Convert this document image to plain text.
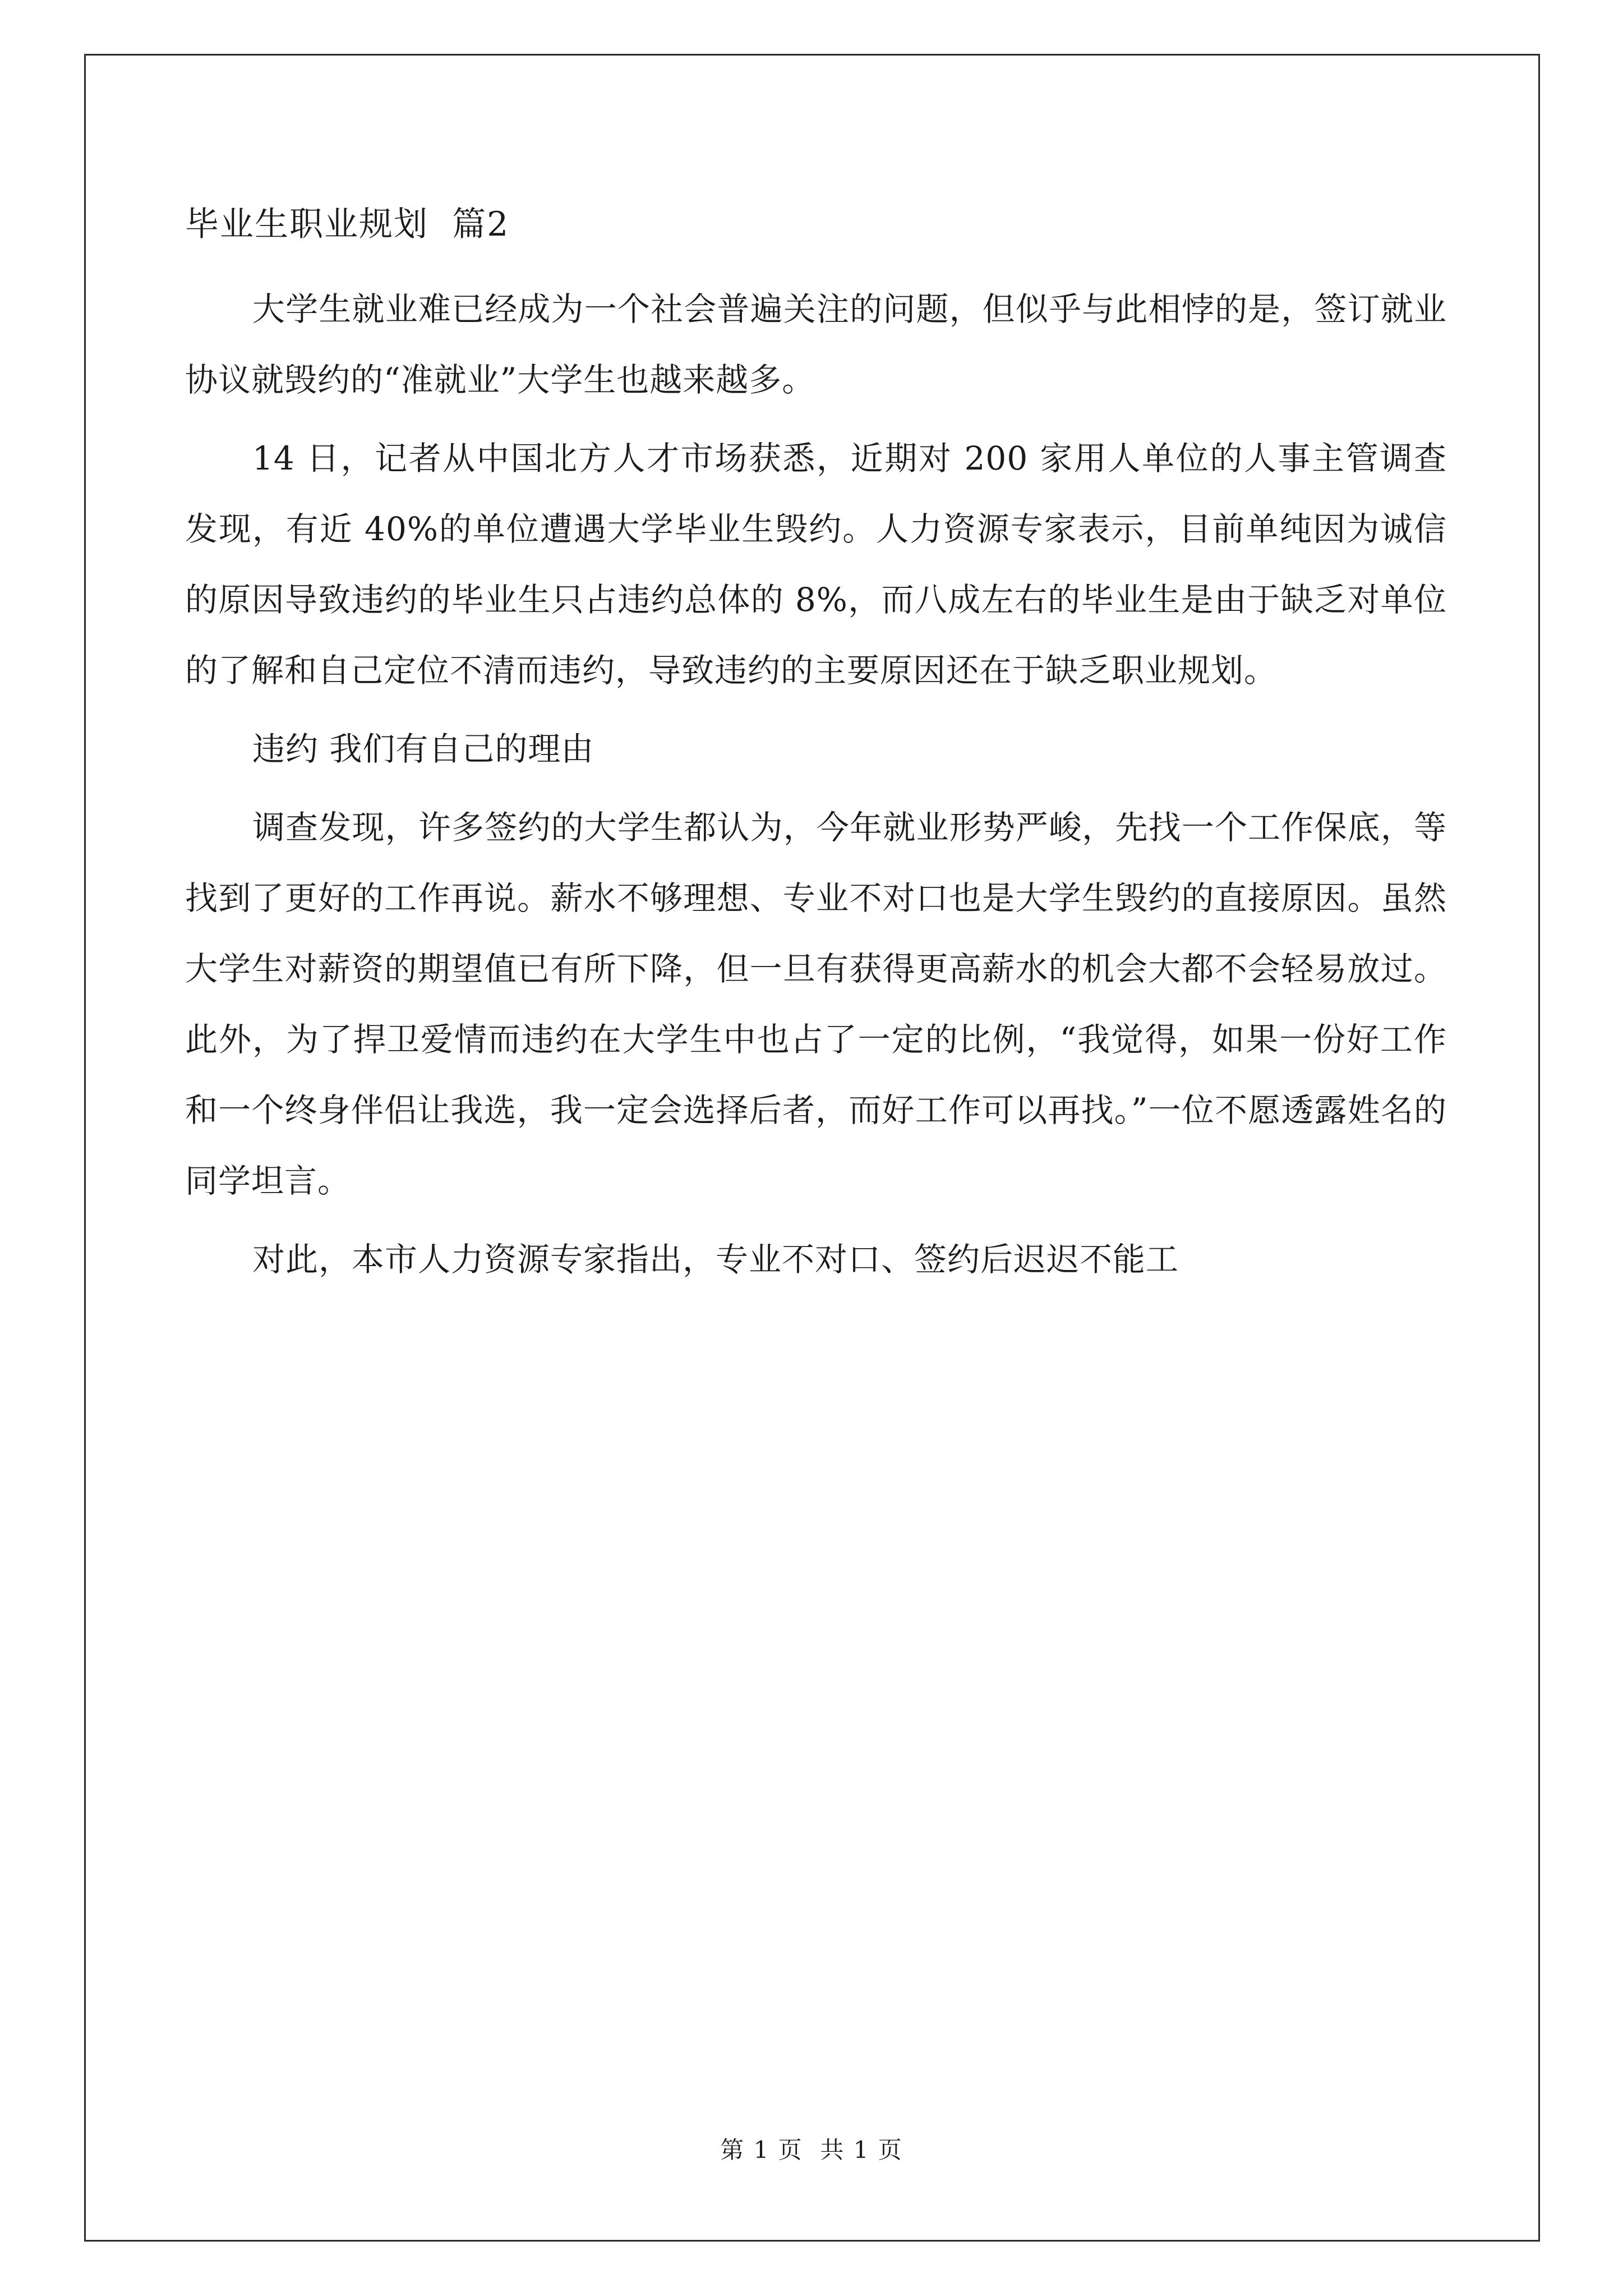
毕业生职业规划  篇2

大学生就业难已经成为一个社会普遍关注的问题，但似乎与此相悖的是，签订就业协议就毁约的“准就业”大学生也越来越多。

14 日，记者从中国北方人才市场获悉，近期对 200 家用人单位的人事主管调查发现，有近 40%的单位遭遇大学毕业生毁约。人力资源专家表示，目前单纯因为诚信的原因导致违约的毕业生只占违约总体的 8%，而八成左右的毕业生是由于缺乏对单位的了解和自己定位不清而违约，导致违约的主要原因还在于缺乏职业规划。

违约 我们有自己的理由

调查发现，许多签约的大学生都认为，今年就业形势严峻，先找一个工作保底，等找到了更好的工作再说。薪水不够理想、专业不对口也是大学生毁约的直接原因。虽然大学生对薪资的期望值已有所下降，但一旦有获得更高薪水的机会大都不会轻易放过。此外，为了捍卫爱情而违约在大学生中也占了一定的比例，“我觉得，如果一份好工作和一个终身伴侣让我选，我一定会选择后者，而好工作可以再找。”一位不愿透露姓名的同学坦言。

对此，本市人力资源专家指出，专业不对口、签约后迟迟不能工

第 1 页  共 1 页
